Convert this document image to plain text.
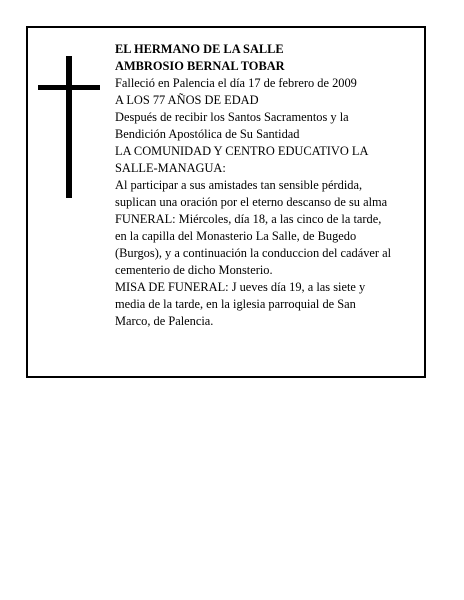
EL HERMANO DE LA SALLE
AMBROSIO BERNAL TOBAR
Falleció en Palencia el día 17 de febrero de 2009
A LOS 77 AÑOS DE EDAD
Después de recibir los Santos Sacramentos y la
Bendición Apostólica de Su Santidad
LA COMUNIDAD Y CENTRO EDUCATIVO LA
SALLE-MANAGUA:
Al participar a sus amistades tan sensible pérdida,
suplican una oración por el eterno descanso de su alma
FUNERAL: Miércoles, día 18, a las cinco de la tarde,
en la capilla del Monasterio La Salle, de Bugedo
(Burgos), y a continuación la conduccion del cadáver al
cementerio de dicho Monsterio.
MISA DE FUNERAL: J ueves día 19, a las siete y
media de la tarde, en la iglesia parroquial de San
Marco, de Palencia.
